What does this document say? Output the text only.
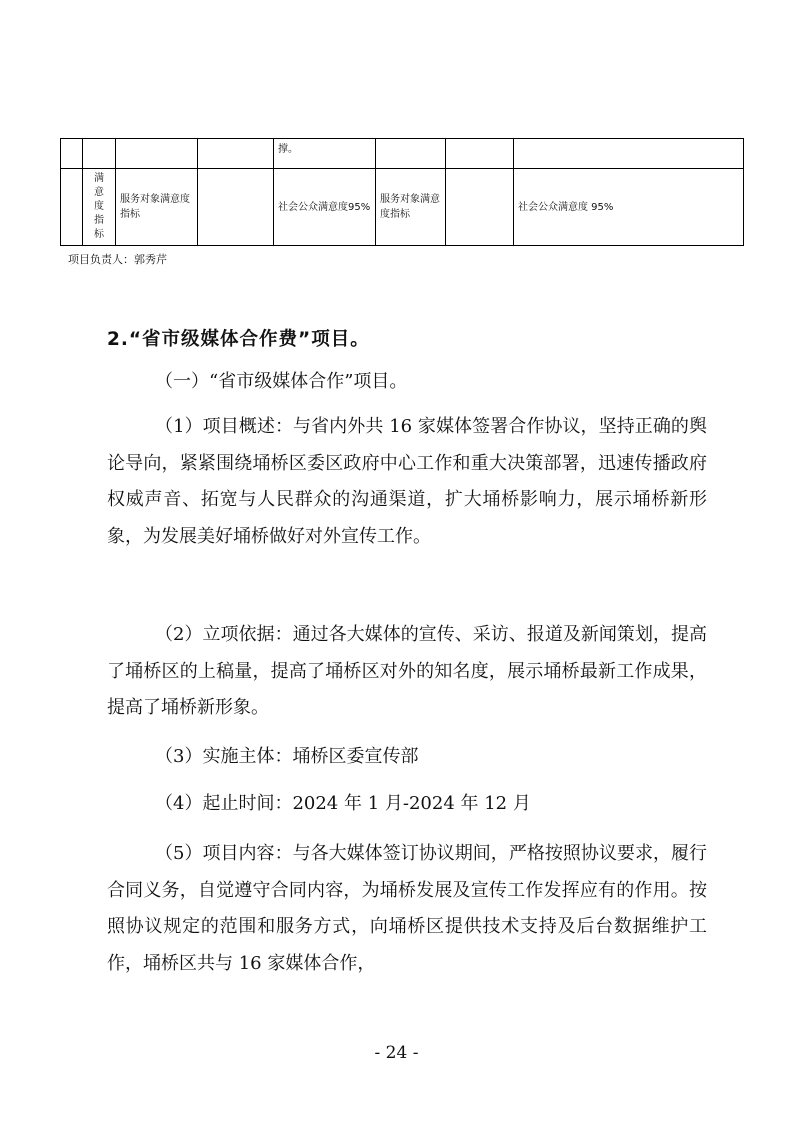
				撑。			

	满
意
度
指
标	服务对象满意度指标		社会公众满意度95%	服务对象满意度指标		社会公众满意度 95%
项目负责人：郭秀芹
2.“省市级媒体合作费”项目。

（一）“省市级媒体合作”项目。

（1）项目概述：与省内外共 16 家媒体签署合作协议，坚持正确的舆论导向，紧紧围绕埇桥区委区政府中心工作和重大决策部署，迅速传播政府权威声音、拓宽与人民群众的沟通渠道，扩大埇桥影响力，展示埇桥新形象，为发展美好埇桥做好对外宣传工作。

（2）立项依据：通过各大媒体的宣传、采访、报道及新闻策划，提高了埇桥区的上稿量，提高了埇桥区对外的知名度，展示埇桥最新工作成果，提高了埇桥新形象。

（3）实施主体：埇桥区委宣传部

（4）起止时间：2024 年 1 月-2024 年 12 月

（5）项目内容：与各大媒体签订协议期间，严格按照协议要求，履行合同义务，自觉遵守合同内容，为埇桥发展及宣传工作发挥应有的作用。按照协议规定的范围和服务方式，向埇桥区提供技术支持及后台数据维护工作，埇桥区共与 16 家媒体合作，

- 24 -
